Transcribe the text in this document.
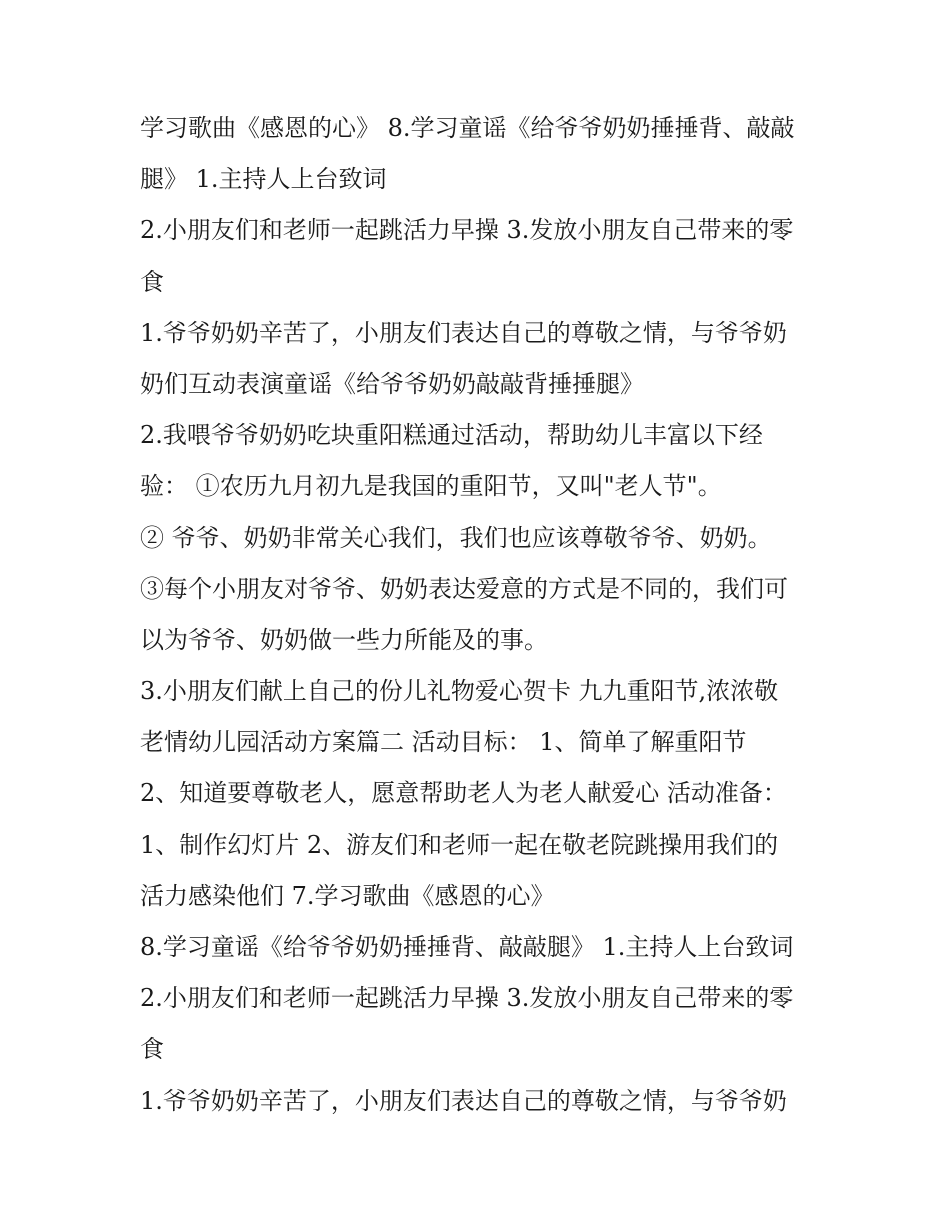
学习歌曲《感恩的心》 8.学习童谣《给爷爷奶奶捶捶背、敲敲
腿》 1.主持人上台致词
2.小朋友们和老师一起跳活力早操 3.发放小朋友自己带来的零
食
1.爷爷奶奶辛苦了，小朋友们表达自己的尊敬之情，与爷爷奶
奶们互动表演童谣《给爷爷奶奶敲敲背捶捶腿》
2.我喂爷爷奶奶吃块重阳糕通过活动，帮助幼儿丰富以下经
验： ①农历九月初九是我国的重阳节，又叫"老人节"。
② 爷爷、奶奶非常关心我们，我们也应该尊敬爷爷、奶奶。
③每个小朋友对爷爷、奶奶表达爱意的方式是不同的，我们可
以为爷爷、奶奶做一些力所能及的事。
3.小朋友们献上自己的份儿礼物爱心贺卡 九九重阳节,浓浓敬
老情幼儿园活动方案篇二 活动目标： 1、简单了解重阳节
2、知道要尊敬老人，愿意帮助老人为老人献爱心 活动准备：
1、制作幻灯片 2、游友们和老师一起在敬老院跳操用我们的
活力感染他们 7.学习歌曲《感恩的心》
8.学习童谣《给爷爷奶奶捶捶背、敲敲腿》 1.主持人上台致词
2.小朋友们和老师一起跳活力早操 3.发放小朋友自己带来的零
食
1.爷爷奶奶辛苦了，小朋友们表达自己的尊敬之情，与爷爷奶
